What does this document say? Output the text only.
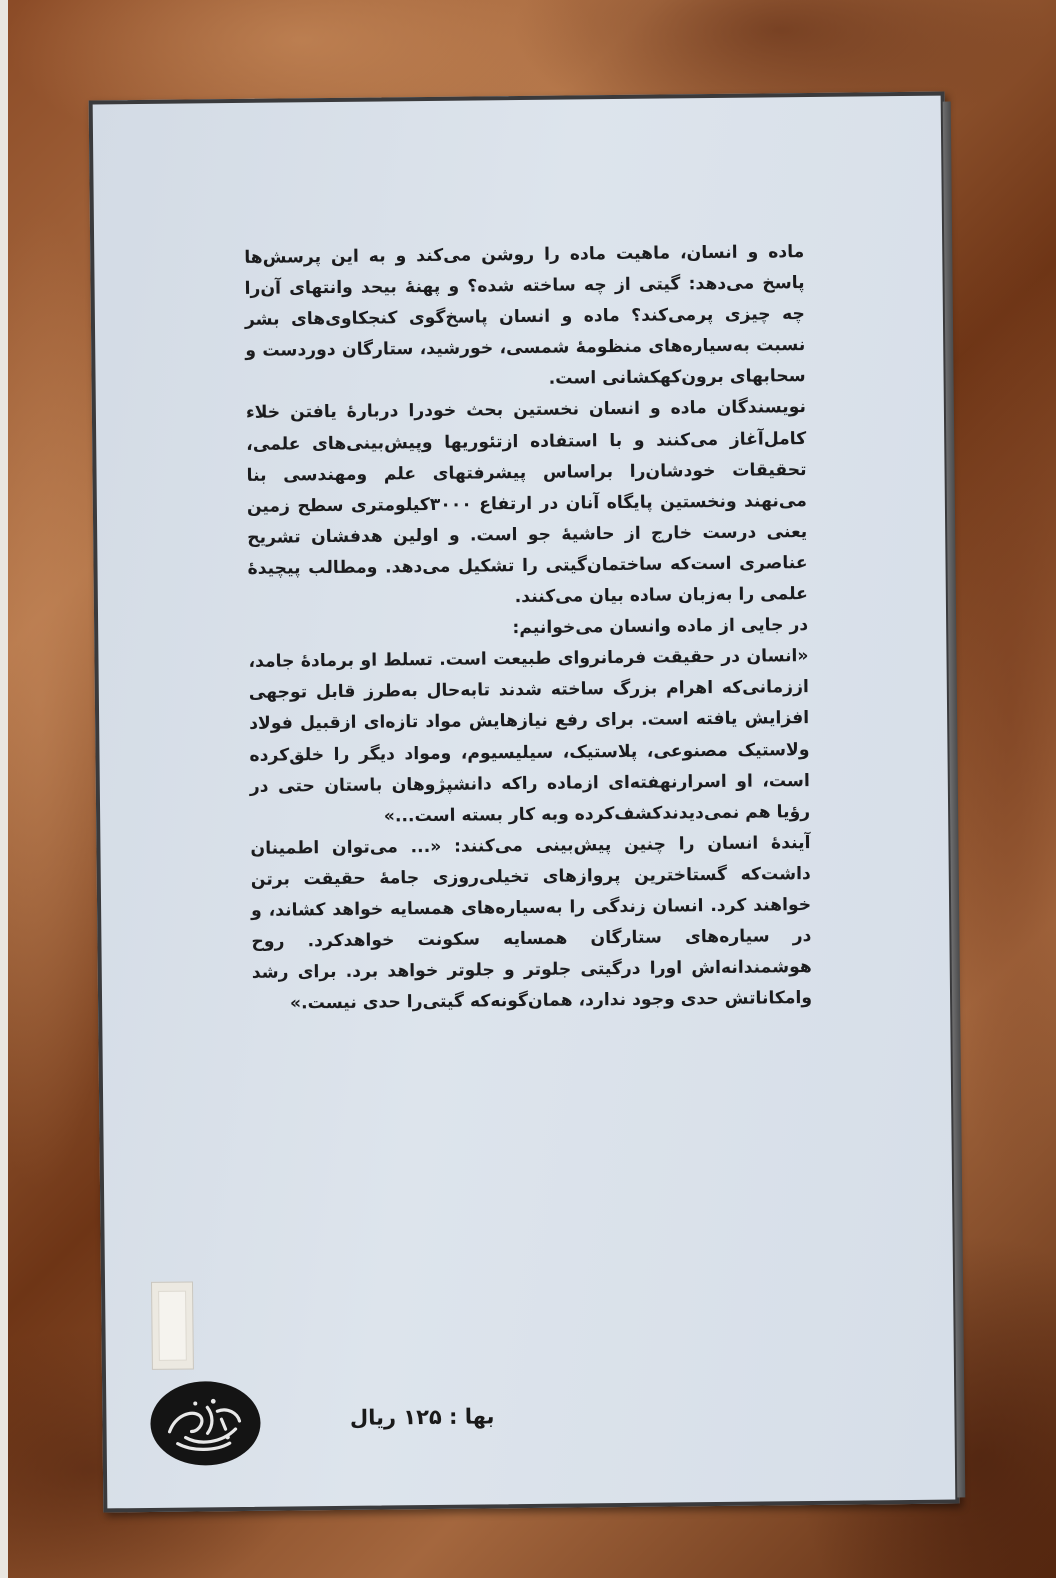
ماده و انسان، ماهیت ماده را روشن می‌کند و به این پرسش‌ها پاسخ می‌دهد: گیتی از چه ساخته شده؟ و پهنهٔ بیحد وانتهای آن‌را چه چیزی پرمی‌کند؟ ماده و انسان پاسخ‌گوی کنجکاوی‌های بشر نسبت به‌سیاره‌های منظومهٔ شمسی، خورشید، ستارگان دوردست و سحابهای برون‌کهکشانی است.

نویسندگان ماده و انسان نخستین بحث خودرا دربارهٔ یافتن خلاء کامل‌آغاز می‌کنند و با استفاده ازتئوریها وپیش‌بینی‌های علمی، تحقیقات خودشان‌را براساس پیشرفتهای علم ومهندسی بنا می‌نهند ونخستین پایگاه آنان در ارتفاع ۳۰۰۰کیلومتری سطح زمین یعنی درست خارج از حاشیهٔ جو است. و اولین هدفشان تشریح عناصری است‌که ساختمان‌گیتی را تشکیل می‌دهد. ومطالب پیچیدهٔ علمی را به‌زبان ساده بیان می‌کنند.

در جایی از ماده وانسان می‌خوانیم:

«انسان در حقیقت فرمانروای طبیعت است. تسلط او برمادهٔ جامد، اززمانی‌که اهرام بزرگ ساخته شدند تابه‌حال به‌طرز قابل توجهی افزایش یافته است. برای رفع نیازهایش مواد تازه‌ای ازقبیل فولاد ولاستیک مصنوعی، پلاستیک، سیلیسیوم، ومواد دیگر را خلق‌کرده است، او اسرارنهفته‌ای ازماده راکه دانشپژوهان باستان حتی در رؤیا هم نمی‌دیدندکشف‌کرده وبه کار بسته است...»

آیندهٔ انسان را چنین پیش‌بینی می‌کنند: «... می‌توان اطمینان داشت‌که گستاخترین پروازهای تخیلی‌روزی جامهٔ حقیقت برتن خواهند کرد. انسان زندگی را به‌سیاره‌های همسایه خواهد کشاند، و در سیاره‌های ستارگان همسایه سکونت خواهدکرد. روح هوشمندانه‌اش اورا درگیتی جلوتر و جلوتر خواهد برد. برای رشد وامکاناتش حدی وجود ندارد، همان‌گونه‌که گیتی‌را حدی نیست.»

بها : ۱۲۵ ریال
